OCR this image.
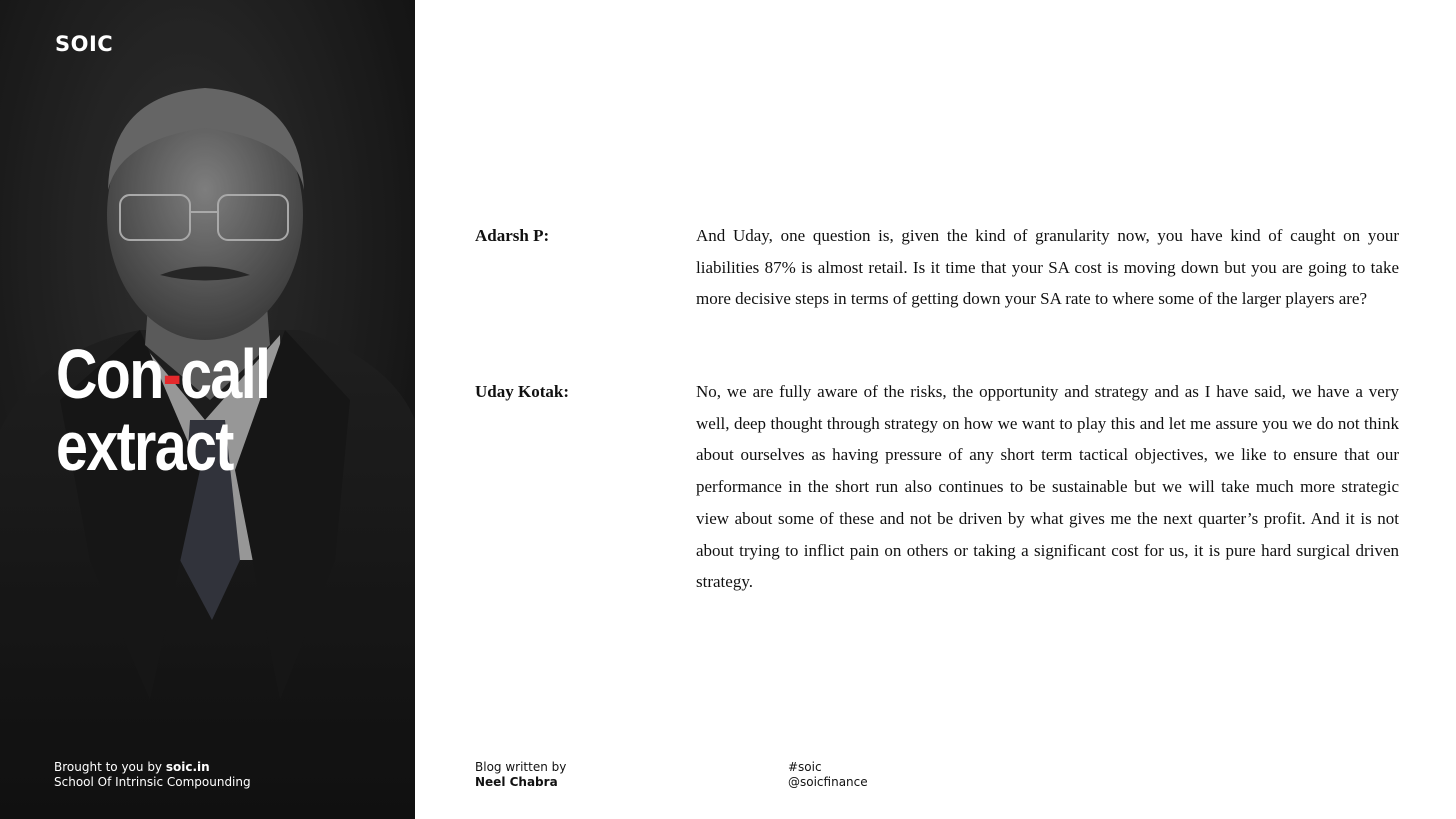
SOIC
Con-call
extract
Brought to you by soic.in
School Of Intrinsic Compounding
Adarsh P:	And Uday, one question is, given the kind of granularity now, you have kind of caught on your liabilities 87% is almost retail. Is it time that your SA cost is moving down but you are going to take more decisive steps in terms of getting down your SA rate to where some of the larger players are?

Uday Kotak:	No, we are fully aware of the risks, the opportunity and strategy and as I have said, we have a very well, deep thought through strategy on how we want to play this and let me assure you we do not think about ourselves as having pressure of any short term tactical objectives, we like to ensure that our performance in the short run also continues to be sustainable but we will take much more strategic view about some of these and not be driven by what gives me the next quarter’s profit. And it is not about trying to inflict pain on others or taking a significant cost for us, it is pure hard surgical driven strategy.

Blog written by
Neel Chabra
#soic
@soicfinance
